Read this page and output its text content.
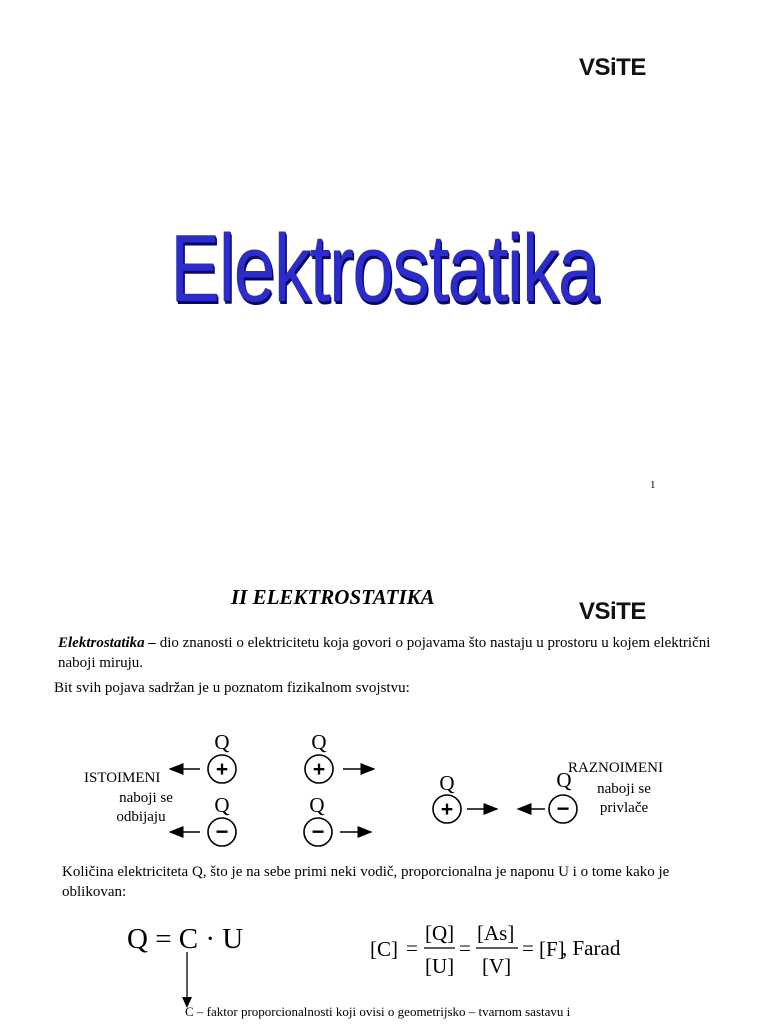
VSiTE
Elektrostatika
1
II ELEKTROSTATIKA
VSiTE
Elektrostatika – dio znanosti o elektricitetu koja govori o pojavama što nastaju u prostoru u kojem električni naboji miruju.
Bit svih pojava sadržan je u poznatom fizikalnom svojstvu:
Q	Q
Q	Q
Q	Q
+	+
+
−	−
−
ISTOIMENI
naboji se
odbijaju
RAZNOIMENI
naboji se
privlače
Količina elektriciteta Q, što je na sebe primi neki vodič, proporcionalna je naponu U i o tome kako je oblikovan:
Q = C · U	[C] =
[Q]
[U]
=
[As]
[V]
= [F]
, Farad
C – faktor proporcionalnosti koji ovisi o geometrijsko – tvarnom sastavu i
